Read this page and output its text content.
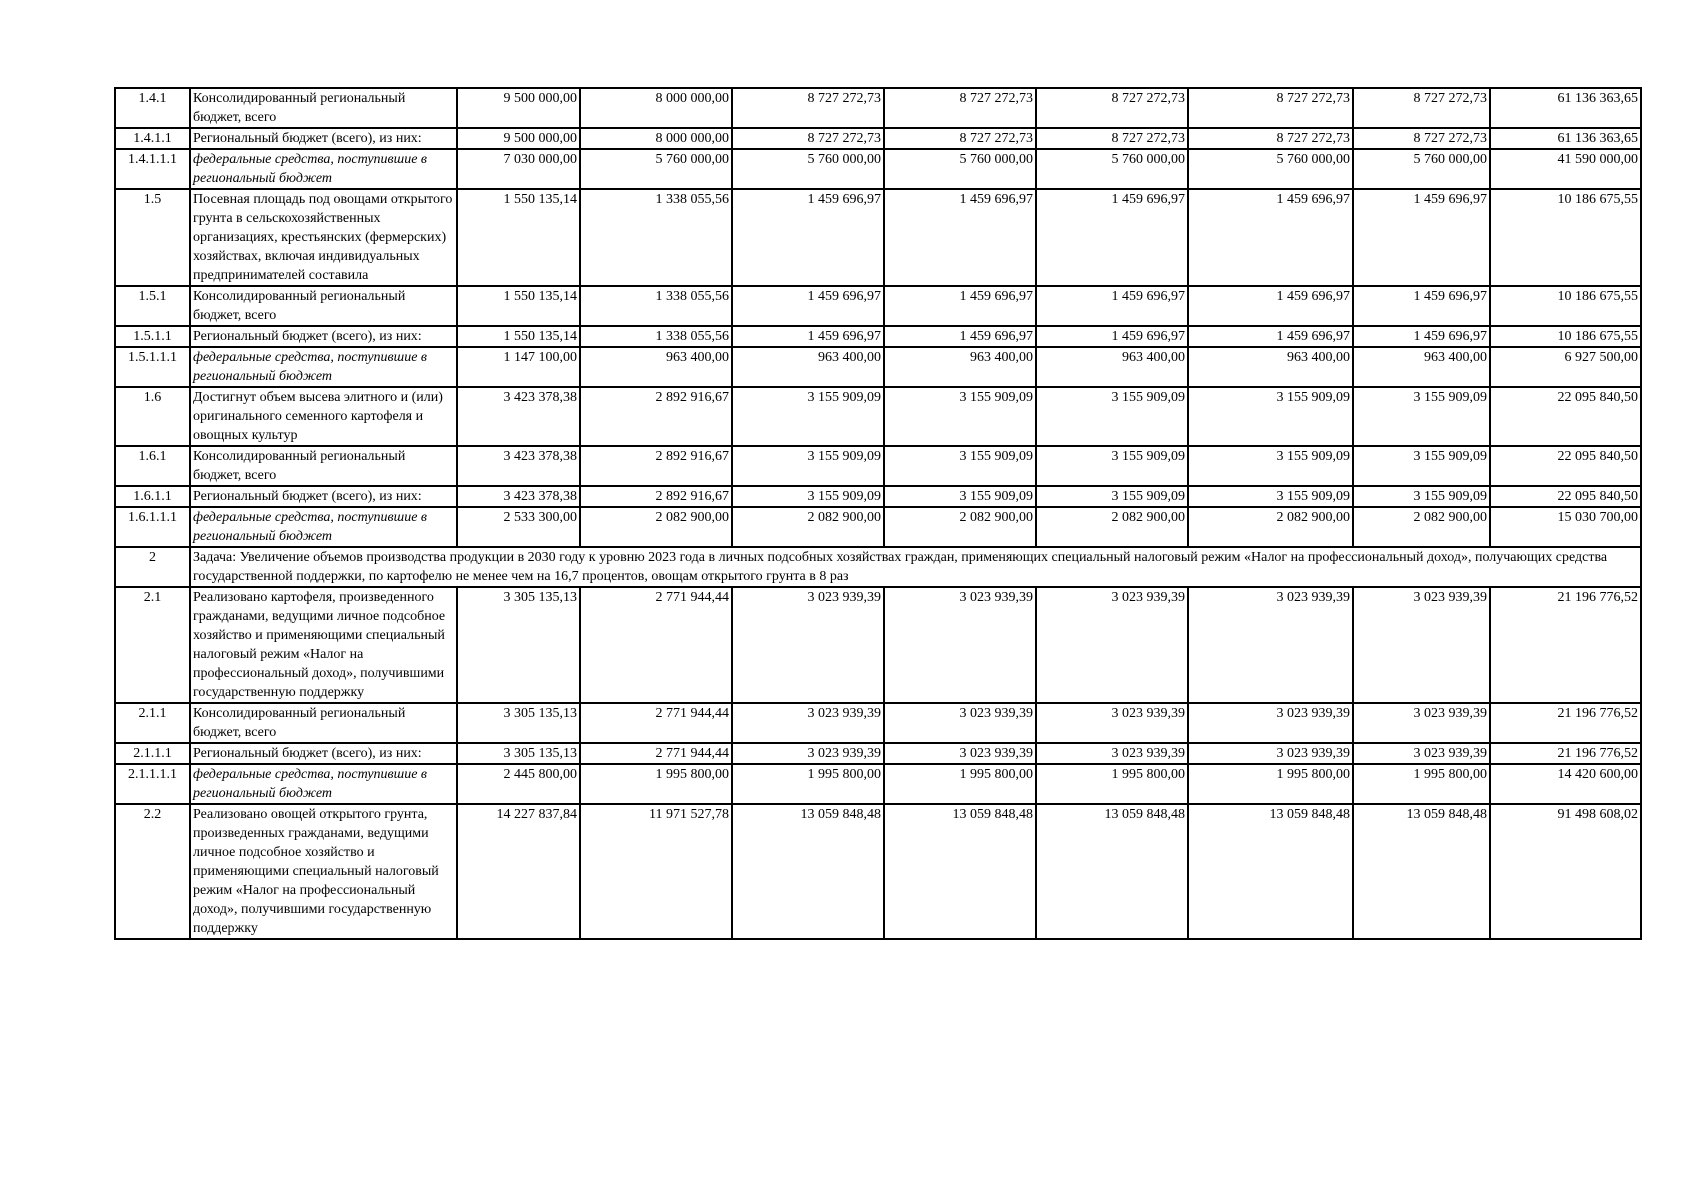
1.4.1	Консолидированный региональный бюджет, всего	9 500 000,00	8 000 000,00	8 727 272,73	8 727 272,73	8 727 272,73	8 727 272,73	8 727 272,73	61 136 363,65
1.4.1.1	Региональный бюджет (всего), из них:	9 500 000,00	8 000 000,00	8 727 272,73	8 727 272,73	8 727 272,73	8 727 272,73	8 727 272,73	61 136 363,65
1.4.1.1.1	федеральные средства, поступившие в региональный бюджет	7 030 000,00	5 760 000,00	5 760 000,00	5 760 000,00	5 760 000,00	5 760 000,00	5 760 000,00	41 590 000,00
1.5	Посевная площадь под овощами открытого грунта в сельскохозяйственных организациях, крестьянских (фермерских) хозяйствах, включая индивидуальных предпринимателей составила	1 550 135,14	1 338 055,56	1 459 696,97	1 459 696,97	1 459 696,97	1 459 696,97	1 459 696,97	10 186 675,55
1.5.1	Консолидированный региональный бюджет, всего	1 550 135,14	1 338 055,56	1 459 696,97	1 459 696,97	1 459 696,97	1 459 696,97	1 459 696,97	10 186 675,55
1.5.1.1	Региональный бюджет (всего), из них:	1 550 135,14	1 338 055,56	1 459 696,97	1 459 696,97	1 459 696,97	1 459 696,97	1 459 696,97	10 186 675,55
1.5.1.1.1	федеральные средства, поступившие в региональный бюджет	1 147 100,00	963 400,00	963 400,00	963 400,00	963 400,00	963 400,00	963 400,00	6 927 500,00
1.6	Достигнут объем высева элитного и (или) оригинального семенного картофеля и овощных культур	3 423 378,38	2 892 916,67	3 155 909,09	3 155 909,09	3 155 909,09	3 155 909,09	3 155 909,09	22 095 840,50
1.6.1	Консолидированный региональный бюджет, всего	3 423 378,38	2 892 916,67	3 155 909,09	3 155 909,09	3 155 909,09	3 155 909,09	3 155 909,09	22 095 840,50
1.6.1.1	Региональный бюджет (всего), из них:	3 423 378,38	2 892 916,67	3 155 909,09	3 155 909,09	3 155 909,09	3 155 909,09	3 155 909,09	22 095 840,50
1.6.1.1.1	федеральные средства, поступившие в региональный бюджет	2 533 300,00	2 082 900,00	2 082 900,00	2 082 900,00	2 082 900,00	2 082 900,00	2 082 900,00	15 030 700,00
2	Задача: Увеличение объемов производства продукции в 2030 году к уровню 2023 года в личных подсобных хозяйствах граждан, применяющих специальный налоговый режим «Налог на профессиональный доход», получающих средства государственной поддержки, по картофелю не менее чем на 16,7 процентов, овощам открытого грунта в 8 раз								
2.1	Реализовано картофеля, произведенного гражданами, ведущими личное подсобное хозяйство и применяющими специальный налоговый режим «Налог на профессиональный доход», получившими государственную поддержку	3 305 135,13	2 771 944,44	3 023 939,39	3 023 939,39	3 023 939,39	3 023 939,39	3 023 939,39	21 196 776,52
2.1.1	Консолидированный региональный бюджет, всего	3 305 135,13	2 771 944,44	3 023 939,39	3 023 939,39	3 023 939,39	3 023 939,39	3 023 939,39	21 196 776,52
2.1.1.1	Региональный бюджет (всего), из них:	3 305 135,13	2 771 944,44	3 023 939,39	3 023 939,39	3 023 939,39	3 023 939,39	3 023 939,39	21 196 776,52
2.1.1.1.1	федеральные средства, поступившие в региональный бюджет	2 445 800,00	1 995 800,00	1 995 800,00	1 995 800,00	1 995 800,00	1 995 800,00	1 995 800,00	14 420 600,00
2.2	Реализовано овощей открытого грунта, произведенных гражданами, ведущими личное подсобное хозяйство и применяющими специальный налоговый режим «Налог на профессиональный доход», получившими государственную поддержку	14 227 837,84	11 971 527,78	13 059 848,48	13 059 848,48	13 059 848,48	13 059 848,48	13 059 848,48	91 498 608,02
